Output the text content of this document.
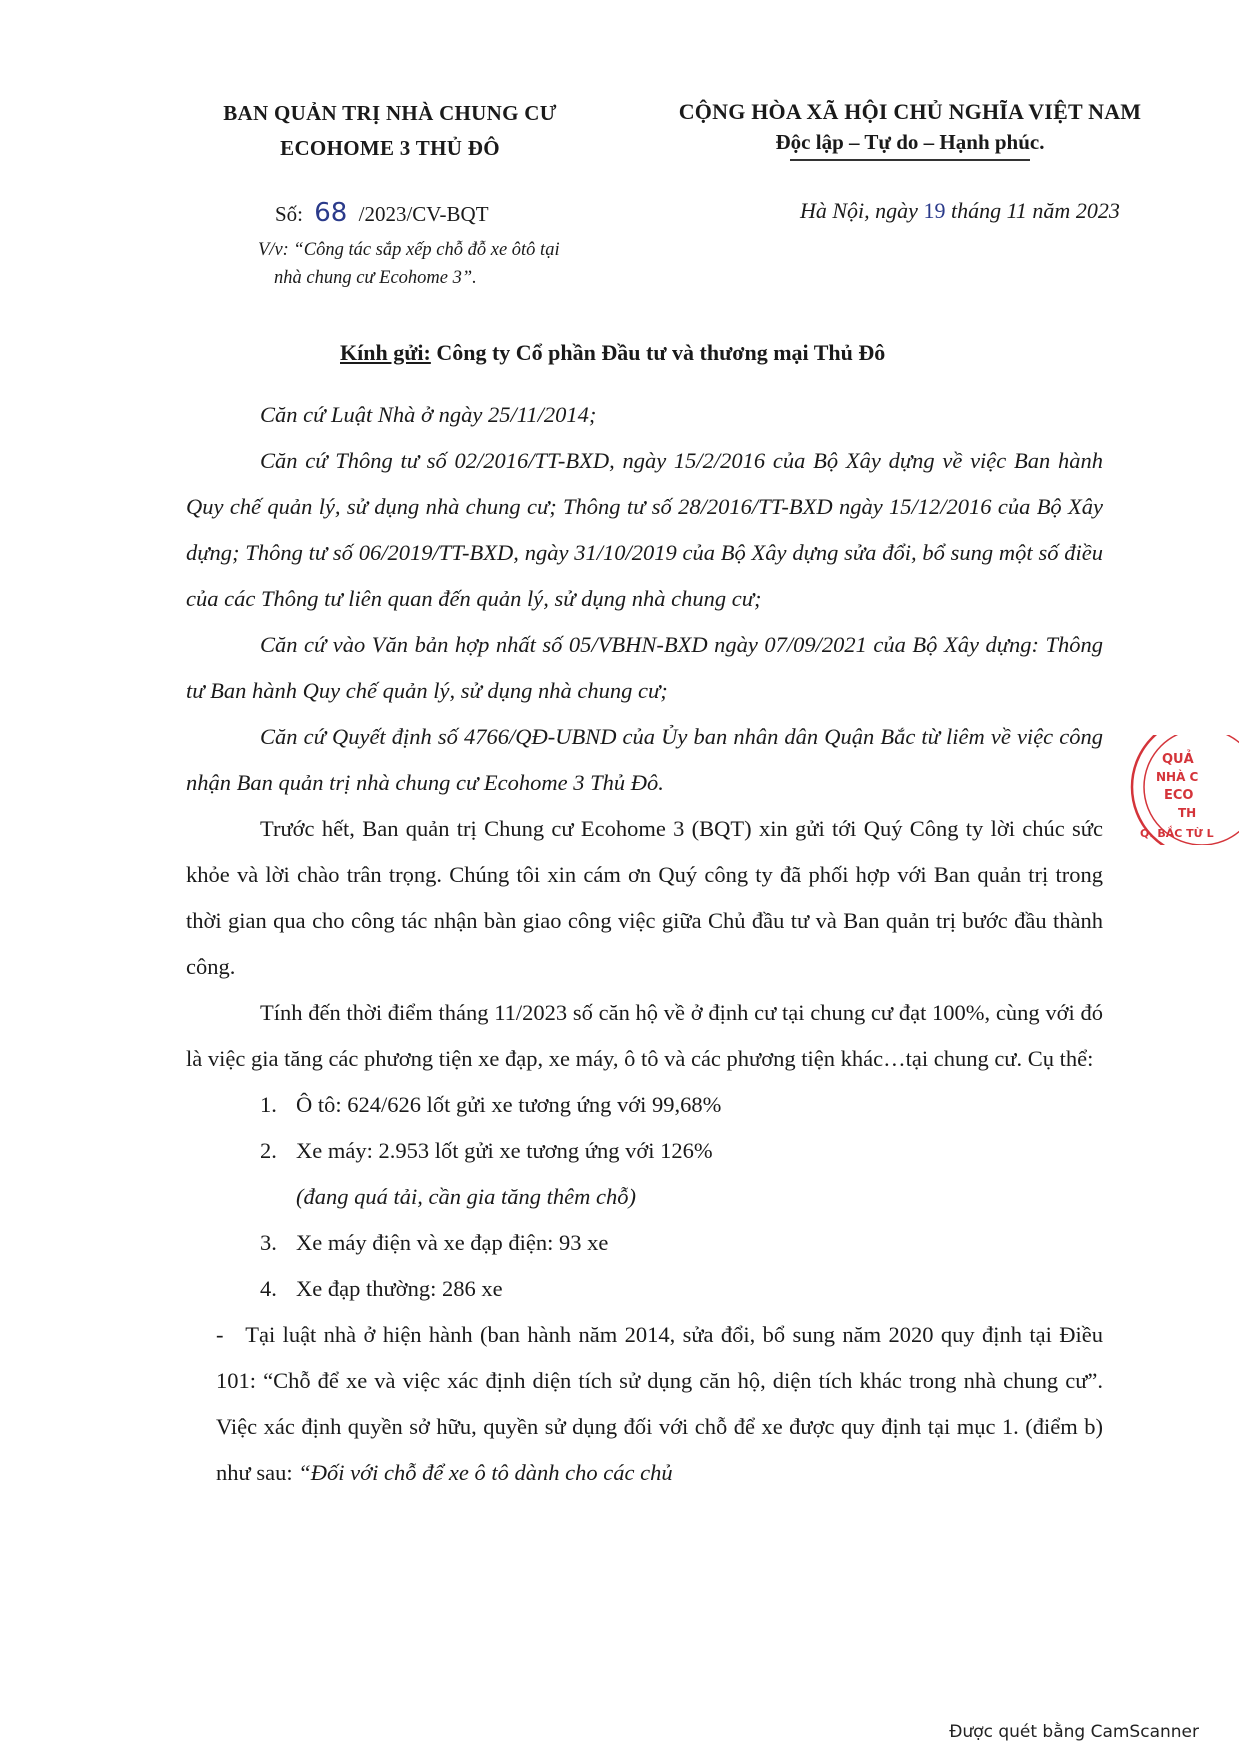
BAN QUẢN TRỊ NHÀ CHUNG CƯ
ECOHOME 3 THỦ ĐÔ
CỘNG HÒA XÃ HỘI CHỦ NGHĨA VIỆT NAM
Độc lập – Tự do – Hạnh phúc.
Số: 68 /2023/CV-BQT	Hà Nội, ngày 19 tháng 11 năm 2023
V/v: “Công tác sắp xếp chỗ đỗ xe ôtô tại
nhà chung cư Ecohome 3”.
Kính gửi: Công ty Cổ phần Đầu tư và thương mại Thủ Đô

Căn cứ Luật Nhà ở ngày 25/11/2014;

Căn cứ Thông tư số 02/2016/TT-BXD, ngày 15/2/2016 của Bộ Xây dựng về việc Ban hành Quy chế quản lý, sử dụng nhà chung cư; Thông tư số 28/2016/TT-BXD ngày 15/12/2016 của Bộ Xây dựng; Thông tư số 06/2019/TT-BXD, ngày 31/10/2019 của Bộ Xây dựng sửa đổi, bổ sung một số điều của các Thông tư liên quan đến quản lý, sử dụng nhà chung cư;

Căn cứ vào Văn bản hợp nhất số 05/VBHN-BXD ngày 07/09/2021 của Bộ Xây dựng: Thông tư Ban hành Quy chế quản lý, sử dụng nhà chung cư;

Căn cứ Quyết định số 4766/QĐ-UBND của Ủy ban nhân dân Quận Bắc từ liêm về việc công nhận Ban quản trị nhà chung cư Ecohome 3 Thủ Đô.

Trước hết, Ban quản trị Chung cư Ecohome 3 (BQT) xin gửi tới Quý Công ty lời chúc sức khỏe và lời chào trân trọng. Chúng tôi xin cám ơn Quý công ty đã phối hợp với Ban quản trị trong thời gian qua cho công tác nhận bàn giao công việc giữa Chủ đầu tư và Ban quản trị bước đầu thành công.

Tính đến thời điểm tháng 11/2023 số căn hộ về ở định cư tại chung cư đạt 100%, cùng với đó là việc gia tăng các phương tiện xe đạp, xe máy, ô tô và các phương tiện khác…tại chung cư. Cụ thể:

1. Ô tô: 624/626 lốt gửi xe tương ứng với 99,68%
2. Xe máy: 2.953 lốt gửi xe tương ứng với 126%
(đang quá tải, cần gia tăng thêm chỗ)
3. Xe máy điện và xe đạp điện: 93 xe
4. Xe đạp thường: 286 xe

- Tại luật nhà ở hiện hành (ban hành năm 2014, sửa đổi, bổ sung năm 2020 quy định tại Điều 101: “Chỗ để xe và việc xác định diện tích sử dụng căn hộ, diện tích khác trong nhà chung cư”. Việc xác định quyền sở hữu, quyền sử dụng đối với chỗ để xe được quy định tại mục 1. (điểm b) như sau: “Đối với chỗ để xe ô tô dành cho các chủ

QUẢ
NHÀ C
ECO
TH
Q. BẮC TỪ L
Được quét bằng CamScanner
